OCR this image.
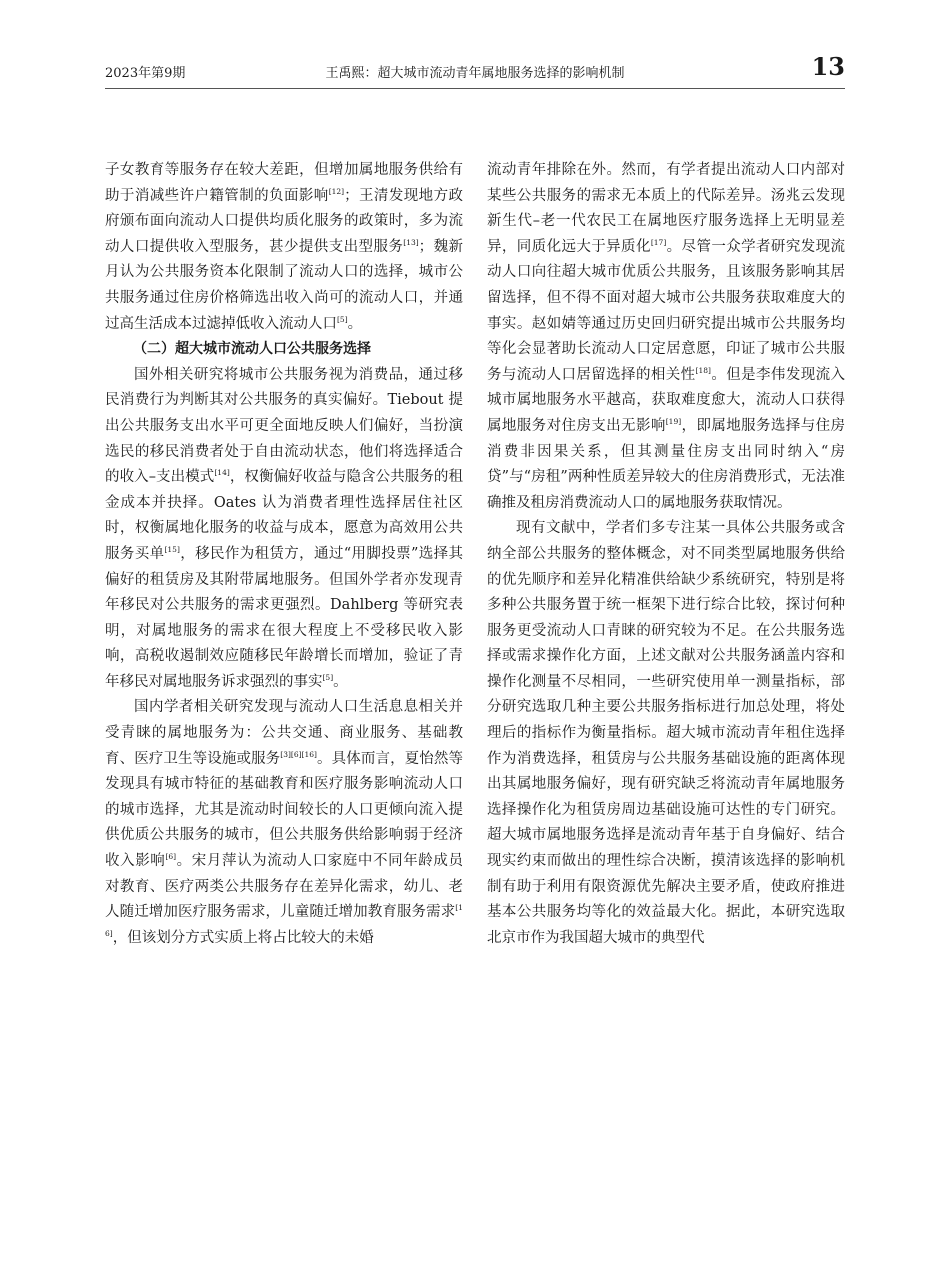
2023年第9期	王禹熙：超大城市流动青年属地服务选择的影响机制	13

子女教育等服务存在较大差距，但增加属地服务供给有助于消减些许户籍管制的负面影响[12]；王清发现地方政府颁布面向流动人口提供均质化服务的政策时，多为流动人口提供收入型服务，甚少提供支出型服务[13]；魏新月认为公共服务资本化限制了流动人口的选择，城市公共服务通过住房价格筛选出收入尚可的流动人口，并通过高生活成本过滤掉低收入流动人口[5]。

（二）超大城市流动人口公共服务选择

国外相关研究将城市公共服务视为消费品，通过移民消费行为判断其对公共服务的真实偏好。Tiebout 提出公共服务支出水平可更全面地反映人们偏好，当扮演选民的移民消费者处于自由流动状态，他们将选择适合的收入–支出模式[14]，权衡偏好收益与隐含公共服务的租金成本并抉择。Oates 认为消费者理性选择居住社区时，权衡属地化服务的收益与成本，愿意为高效用公共服务买单[15]，移民作为租赁方，通过“用脚投票”选择其偏好的租赁房及其附带属地服务。但国外学者亦发现青年移民对公共服务的需求更强烈。Dahlberg 等研究表明，对属地服务的需求在很大程度上不受移民收入影响，高税收遏制效应随移民年龄增长而增加，验证了青年移民对属地服务诉求强烈的事实[5]。

国内学者相关研究发现与流动人口生活息息相关并受青睐的属地服务为：公共交通、商业服务、基础教育、医疗卫生等设施或服务[3][6][16]。具体而言，夏怡然等发现具有城市特征的基础教育和医疗服务影响流动人口的城市选择，尤其是流动时间较长的人口更倾向流入提供优质公共服务的城市，但公共服务供给影响弱于经济收入影响[6]。宋月萍认为流动人口家庭中不同年龄成员对教育、医疗两类公共服务存在差异化需求，幼儿、老人随迁增加医疗服务需求，儿童随迁增加教育服务需求[16]，但该划分方式实质上将占比较大的未婚

流动青年排除在外。然而，有学者提出流动人口内部对某些公共服务的需求无本质上的代际差异。汤兆云发现新生代–老一代农民工在属地医疗服务选择上无明显差异，同质化远大于异质化[17]。尽管一众学者研究发现流动人口向往超大城市优质公共服务，且该服务影响其居留选择，但不得不面对超大城市公共服务获取难度大的事实。赵如婧等通过历史回归研究提出城市公共服务均等化会显著助长流动人口定居意愿，印证了城市公共服务与流动人口居留选择的相关性[18]。但是李伟发现流入城市属地服务水平越高，获取难度愈大，流动人口获得属地服务对住房支出无影响[19]，即属地服务选择与住房消费非因果关系，但其测量住房支出同时纳入“房贷”与“房租”两种性质差异较大的住房消费形式，无法准确推及租房消费流动人口的属地服务获取情况。

现有文献中，学者们多专注某一具体公共服务或含纳全部公共服务的整体概念，对不同类型属地服务供给的优先顺序和差异化精准供给缺少系统研究，特别是将多种公共服务置于统一框架下进行综合比较，探讨何种服务更受流动人口青睐的研究较为不足。在公共服务选择或需求操作化方面，上述文献对公共服务涵盖内容和操作化测量不尽相同，一些研究使用单一测量指标，部分研究选取几种主要公共服务指标进行加总处理，将处理后的指标作为衡量指标。超大城市流动青年租住选择作为消费选择，租赁房与公共服务基础设施的距离体现出其属地服务偏好，现有研究缺乏将流动青年属地服务选择操作化为租赁房周边基础设施可达性的专门研究。超大城市属地服务选择是流动青年基于自身偏好、结合现实约束而做出的理性综合决断，摸清该选择的影响机制有助于利用有限资源优先解决主要矛盾，使政府推进基本公共服务均等化的效益最大化。据此，本研究选取北京市作为我国超大城市的典型代
